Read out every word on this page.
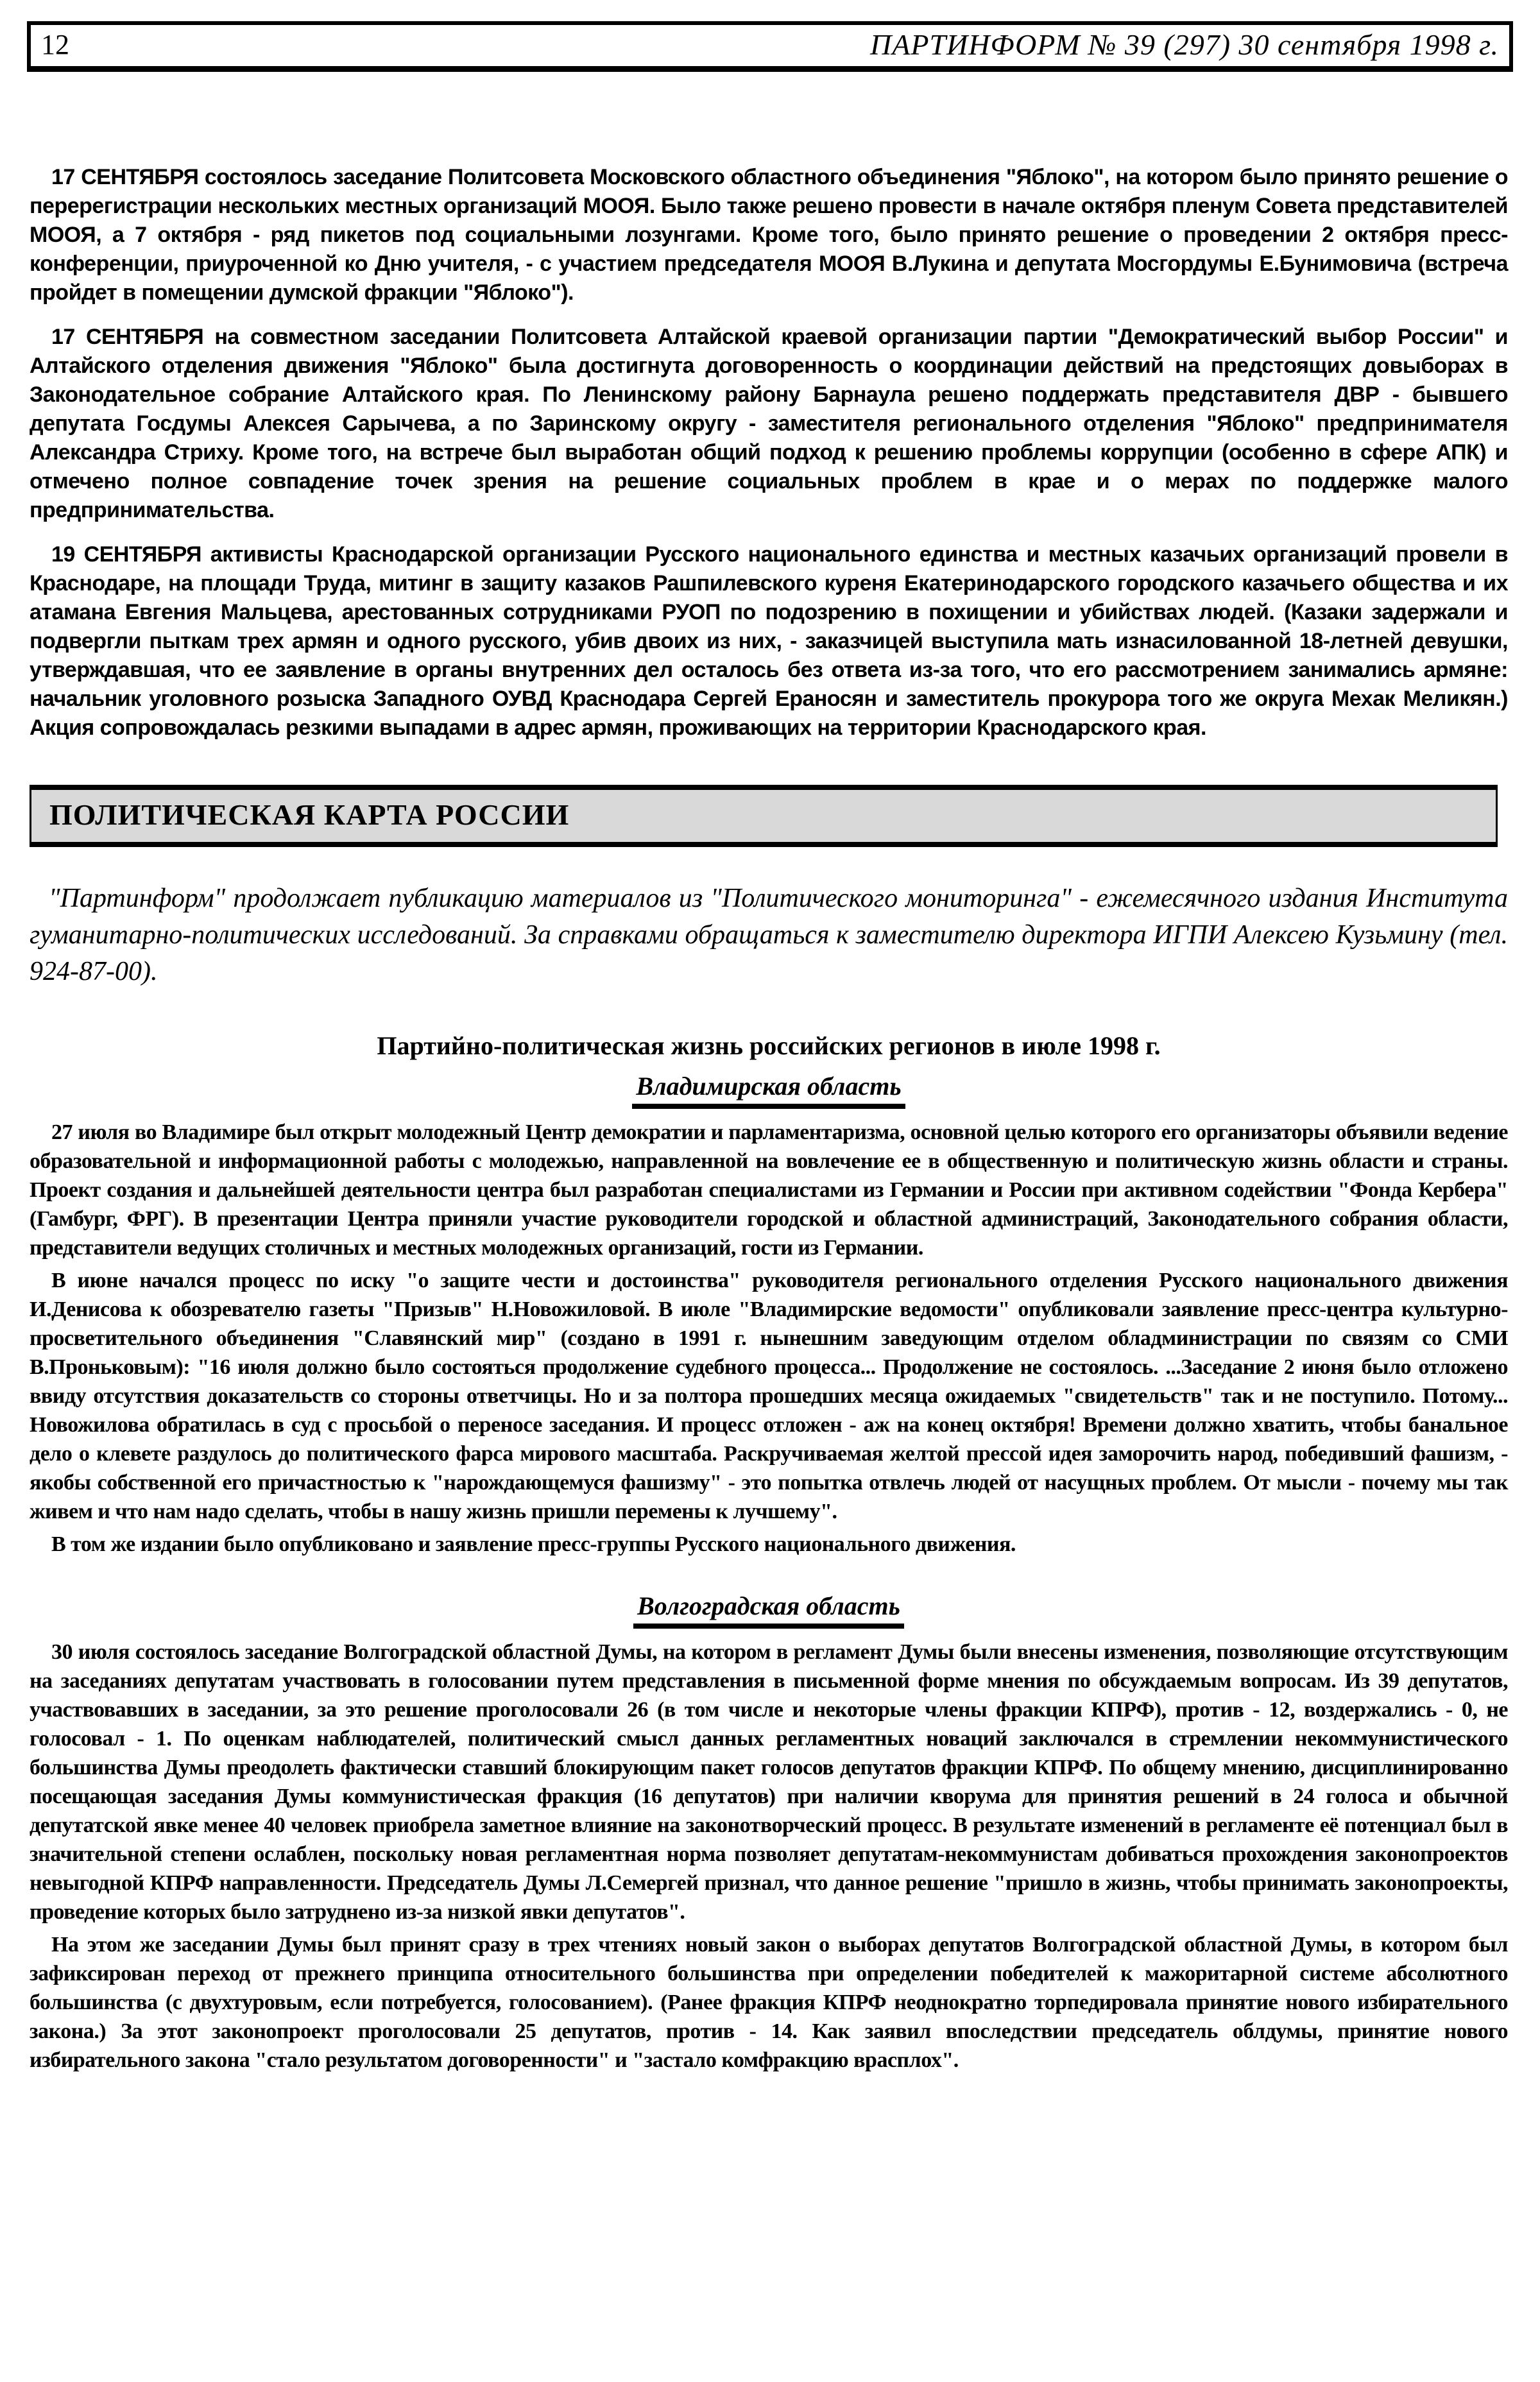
12	ПАРТИНФОРМ № 39 (297) 30 сентября 1998 г.

17 СЕНТЯБРЯ состоялось заседание Политсовета Московского областного объединения "Яблоко", на котором было принято решение о перерегистрации нескольких местных организаций МООЯ. Было также решено провести в начале октября пленум Совета представителей МООЯ, а 7 октября - ряд пикетов под социальными лозунгами. Кроме того, было принято решение о проведении 2 октября пресс-конференции, приуроченной ко Дню учителя, - с участием председателя МООЯ В.Лукина и депутата Мосгордумы Е.Бунимовича (встреча пройдет в помещении думской фракции "Яблоко").

17 СЕНТЯБРЯ на совместном заседании Политсовета Алтайской краевой организации партии "Демократический выбор России" и Алтайского отделения движения "Яблоко" была достигнута договоренность о координации действий на предстоящих довыборах в Законодательное собрание Алтайского края. По Ленинскому району Барнаула решено поддержать представителя ДВР - бывшего депутата Госдумы Алексея Сарычева, а по Заринскому округу - заместителя регионального отделения "Яблоко" предпринимателя Александра Стриху. Кроме того, на встрече был выработан общий подход к решению проблемы коррупции (особенно в сфере АПК) и отмечено полное совпадение точек зрения на решение социальных проблем в крае и о мерах по поддержке малого предпринимательства.

19 СЕНТЯБРЯ активисты Краснодарской организации Русского национального единства и местных казачьих организаций провели в Краснодаре, на площади Труда, митинг в защиту казаков Рашпилевского куреня Екатеринодарского городского казачьего общества и их атамана Евгения Мальцева, арестованных сотрудниками РУОП по подозрению в похищении и убийствах людей. (Казаки задержали и подвергли пыткам трех армян и одного русского, убив двоих из них, - заказчицей выступила мать изнасилованной 18-летней девушки, утверждавшая, что ее заявление в органы внутренних дел осталось без ответа из-за того, что его рассмотрением занимались армяне: начальник уголовного розыска Западного ОУВД Краснодара Сергей Ераносян и заместитель прокурора того же округа Мехак Меликян.) Акция сопровождалась резкими выпадами в адрес армян, проживающих на территории Краснодарского края.

ПОЛИТИЧЕСКАЯ КАРТА РОССИИ

"Партинформ" продолжает публикацию материалов из "Политического мониторинга" - ежемесячного издания Института гуманитарно-политических исследований. За справками обращаться к заместителю директора ИГПИ Алексею Кузьмину (тел. 924-87-00).

Партийно-политическая жизнь российских регионов в июле 1998 г.
Владимирская область

27 июля во Владимире был открыт молодежный Центр демократии и парламентаризма, основной целью которого его организаторы объявили ведение образовательной и информационной работы с молодежью, направленной на вовлечение ее в общественную и политическую жизнь области и страны. Проект создания и дальнейшей деятельности центра был разработан специалистами из Германии и России при активном содействии "Фонда Кербера" (Гамбург, ФРГ). В презентации Центра приняли участие руководители городской и областной администраций, Законодательного собрания области, представители ведущих столичных и местных молодежных организаций, гости из Германии.

В июне начался процесс по иску "о защите чести и достоинства" руководителя регионального отделения Русского национального движения И.Денисова к обозревателю газеты "Призыв" Н.Новожиловой. В июле "Владимирские ведомости" опубликовали заявление пресс-центра культурно-просветительного объединения "Славянский мир" (создано в 1991 г. нынешним заведующим отделом обладминистрации по связям со СМИ В.Проньковым): "16 июля должно было состояться продолжение судебного процесса... Продолжение не состоялось. ...Заседание 2 июня было отложено ввиду отсутствия доказательств со стороны ответчицы. Но и за полтора прошедших месяца ожидаемых "свидетельств" так и не поступило. Потому... Новожилова обратилась в суд с просьбой о переносе заседания. И процесс отложен - аж на конец октября! Времени должно хватить, чтобы банальное дело о клевете раздулось до политического фарса мирового масштаба. Раскручиваемая желтой прессой идея заморочить народ, победивший фашизм, - якобы собственной его причастностью к "нарождающемуся фашизму" - это попытка отвлечь людей от насущных проблем. От мысли - почему мы так живем и что нам надо сделать, чтобы в нашу жизнь пришли перемены к лучшему".

В том же издании было опубликовано и заявление пресс-группы Русского национального движения.

Волгоградская область

30 июля состоялось заседание Волгоградской областной Думы, на котором в регламент Думы были внесены изменения, позволяющие отсутствующим на заседаниях депутатам участвовать в голосовании путем представления в письменной форме мнения по обсуждаемым вопросам. Из 39 депутатов, участвовавших в заседании, за это решение проголосовали 26 (в том числе и некоторые члены фракции КПРФ), против - 12, воздержались - 0, не голосовал - 1. По оценкам наблюдателей, политический смысл данных регламентных новаций заключался в стремлении некоммунистического большинства Думы преодолеть фактически ставший блокирующим пакет голосов депутатов фракции КПРФ. По общему мнению, дисциплинированно посещающая заседания Думы коммунистическая фракция (16 депутатов) при наличии кворума для принятия решений в 24 голоса и обычной депутатской явке менее 40 человек приобрела заметное влияние на законотворческий процесс. В результате изменений в регламенте её потенциал был в значительной степени ослаблен, поскольку новая регламентная норма позволяет депутатам-некоммунистам добиваться прохождения законопроектов невыгодной КПРФ направленности. Председатель Думы Л.Семергей признал, что данное решение "пришло в жизнь, чтобы принимать законопроекты, проведение которых было затруднено из-за низкой явки депутатов".

На этом же заседании Думы был принят сразу в трех чтениях новый закон о выборах депутатов Волгоградской областной Думы, в котором был зафиксирован переход от прежнего принципа относительного большинства при определении победителей к мажоритарной системе абсолютного большинства (с двухтуровым, если потребуется, голосованием). (Ранее фракция КПРФ неоднократно торпедировала принятие нового избирательного закона.) За этот законопроект проголосовали 25 депутатов, против - 14. Как заявил впоследствии председатель облдумы, принятие нового избирательного закона "стало результатом договоренности" и "застало комфракцию врасплох".
